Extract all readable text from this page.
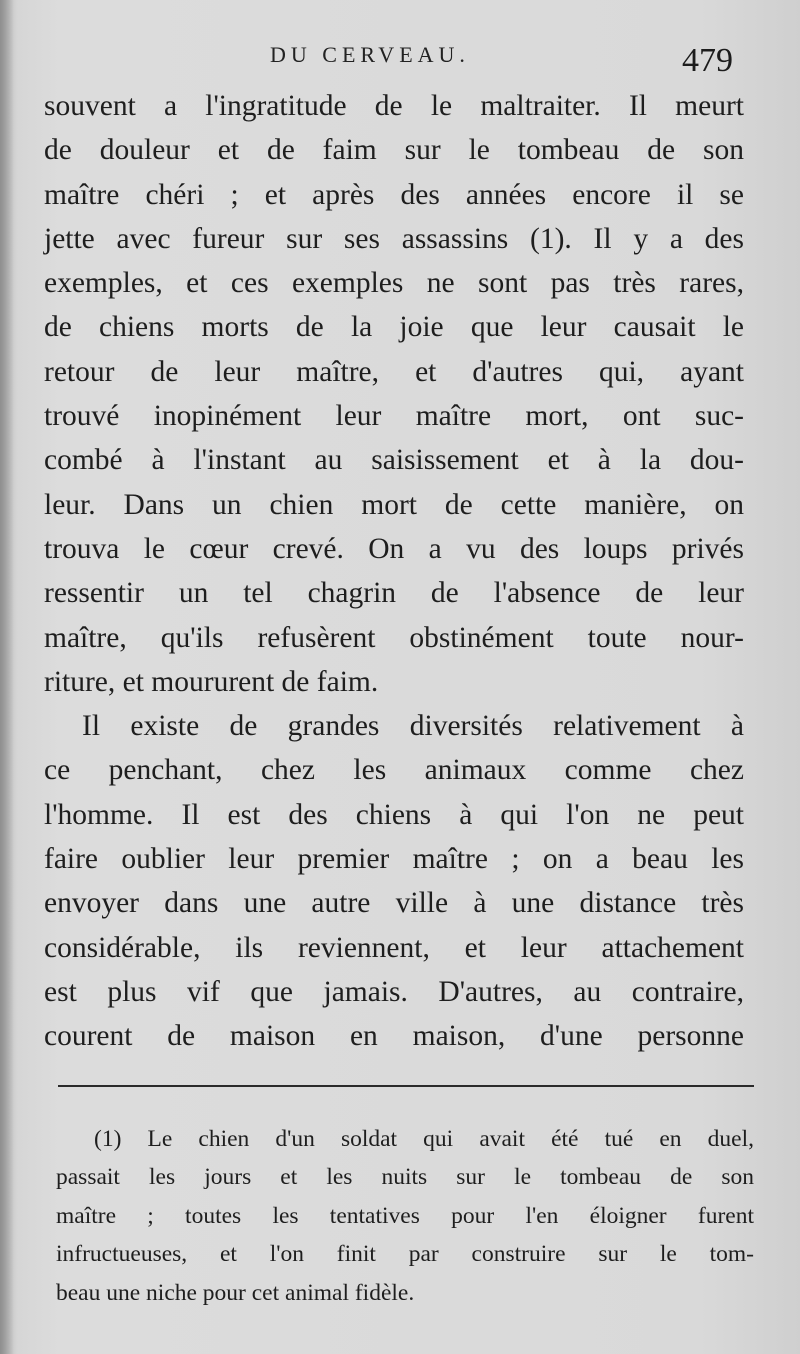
DU CERVEAU.	479
souvent a l'ingratitude de le maltraiter. Il meurt
de douleur et de faim sur le tombeau de son
maître chéri ; et après des années encore il se
jette avec fureur sur ses assassins (1). Il y a des
exemples, et ces exemples ne sont pas très rares,
de chiens morts de la joie que leur causait le
retour de leur maître, et d'autres qui, ayant
trouvé inopinément leur maître mort, ont suc-
combé à l'instant au saisissement et à la dou-
leur. Dans un chien mort de cette manière, on
trouva le cœur crevé. On a vu des loups privés
ressentir un tel chagrin de l'absence de leur
maître, qu'ils refusèrent obstinément toute nour-
riture, et moururent de faim.
Il existe de grandes diversités relativement à
ce penchant, chez les animaux comme chez
l'homme. Il est des chiens à qui l'on ne peut
faire oublier leur premier maître ; on a beau les
envoyer dans une autre ville à une distance très
considérable, ils reviennent, et leur attachement
est plus vif que jamais. D'autres, au contraire,
courent de maison en maison, d'une personne
(1) Le chien d'un soldat qui avait été tué en duel,
passait les jours et les nuits sur le tombeau de son
maître ; toutes les tentatives pour l'en éloigner furent
infructueuses, et l'on finit par construire sur le tom-
beau une niche pour cet animal fidèle.
